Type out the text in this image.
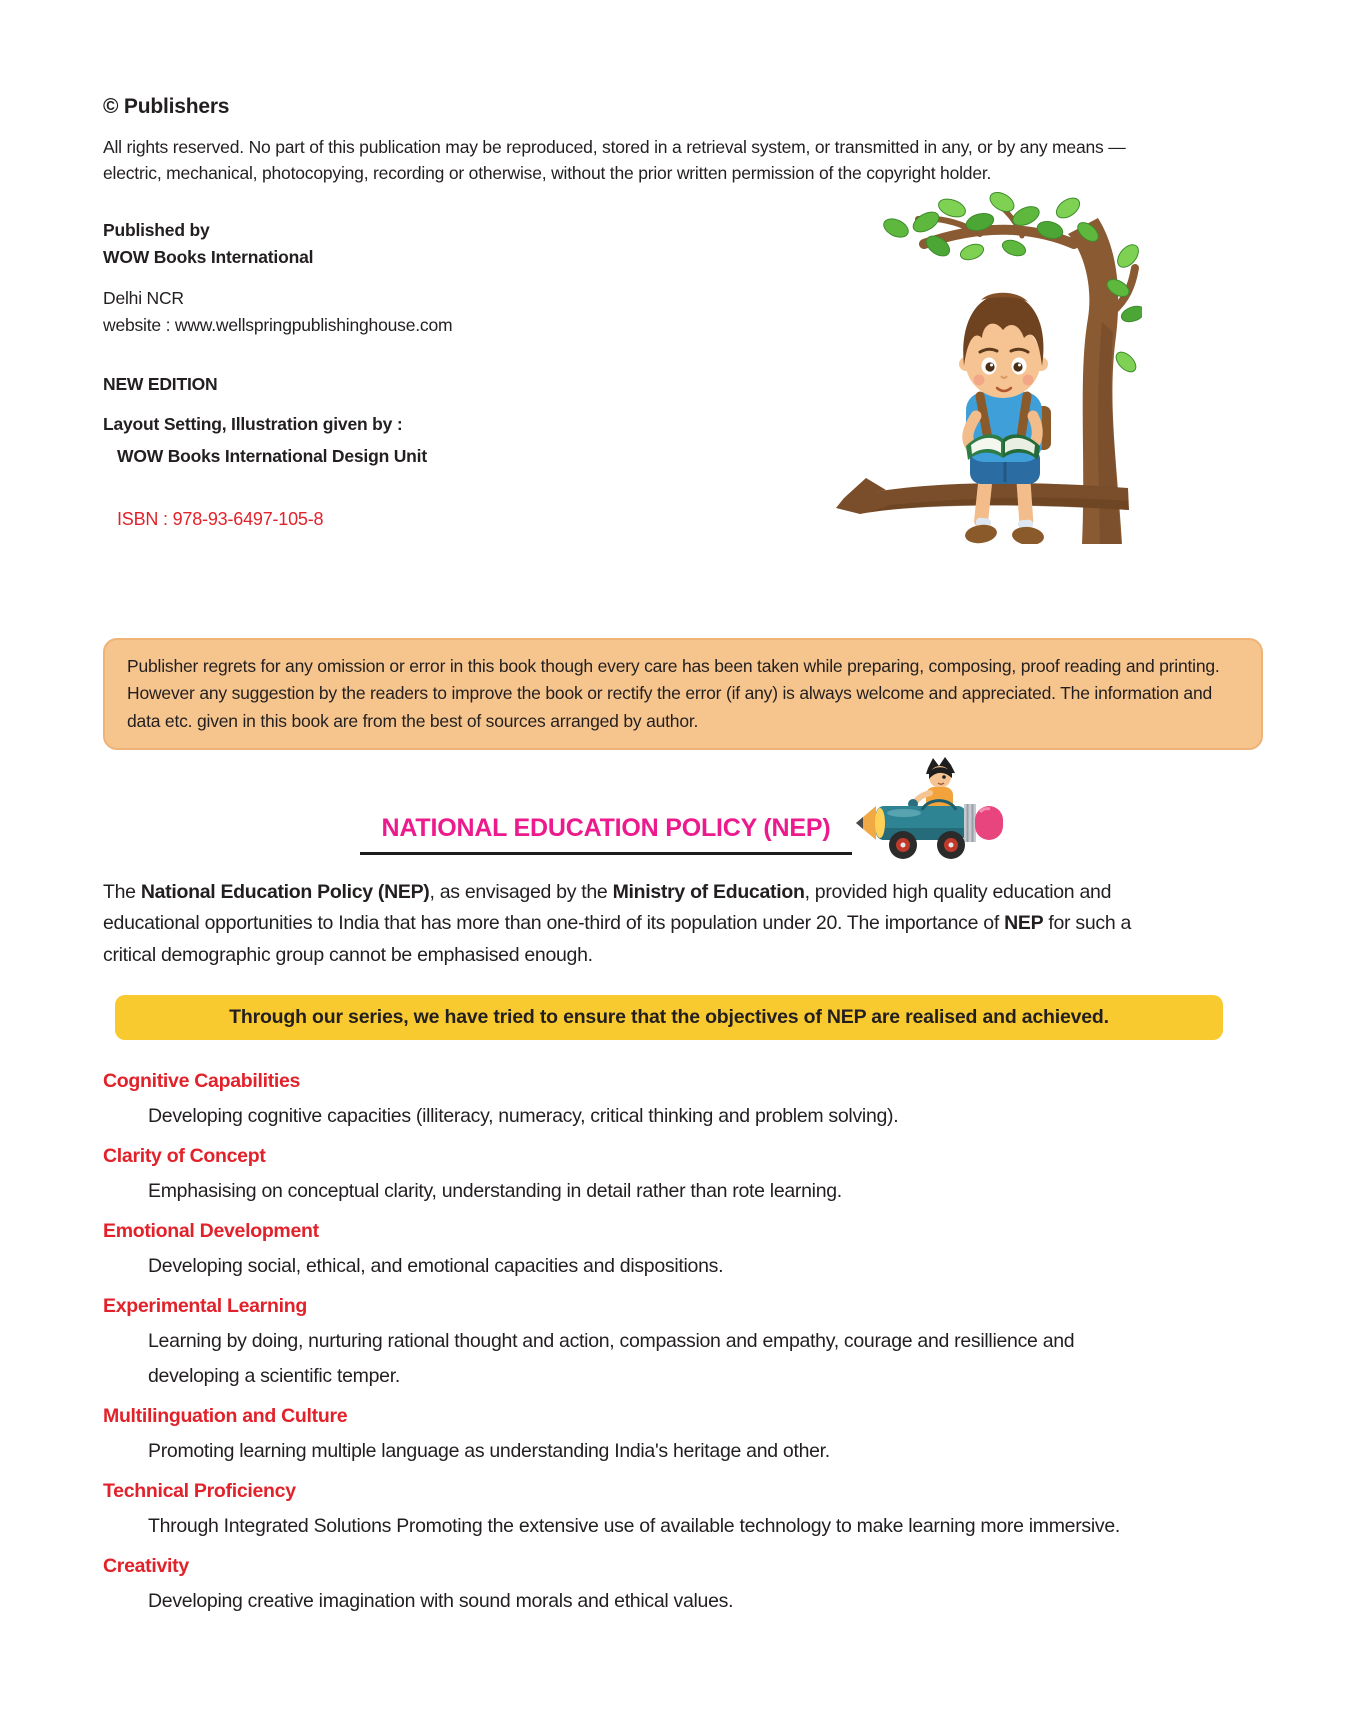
© Publishers

All rights reserved. No part of this publication may be reproduced, stored in a retrieval system, or transmitted in any, or by any means — electric, mechanical, photocopying, recording or otherwise, without the prior written permission of the copyright holder.

Published by

WOW Books International

Delhi NCR

website : www.wellspringpublishinghouse.com

NEW EDITION

Layout Setting, Illustration given by :

WOW Books International Design Unit

ISBN : 978-93-6497-105-8

Publisher regrets for any omission or error in this book though every care has been taken while preparing, composing, proof reading and printing. However any suggestion by the readers to improve the book or rectify the error (if any) is always welcome and appreciated. The information and data etc. given in this book are from the best of sources arranged by author.

NATIONAL EDUCATION POLICY (NEP)

The National Education Policy (NEP), as envisaged by the Ministry of Education, provided high quality education and educational opportunities to India that has more than one-third of its population under 20. The importance of NEP for such a critical demographic group cannot be emphasised enough.

Through our series, we have tried to ensure that the objectives of NEP are realised and achieved.
Cognitive Capabilities

Developing cognitive capacities (illiteracy, numeracy, critical thinking and problem solving).

Clarity of Concept

Emphasising on conceptual clarity, understanding in detail rather than rote learning.

Emotional Development

Developing social, ethical, and emotional capacities and dispositions.

Experimental Learning

Learning by doing, nurturing rational thought and action, compassion and empathy, courage and resillience and developing a scientific temper.

Multilinguation and Culture

Promoting learning multiple language as understanding India's heritage and other.

Technical Proficiency

Through Integrated Solutions Promoting the extensive use of available technology to make learning more immersive.

Creativity

Developing creative imagination with sound morals and ethical values.
